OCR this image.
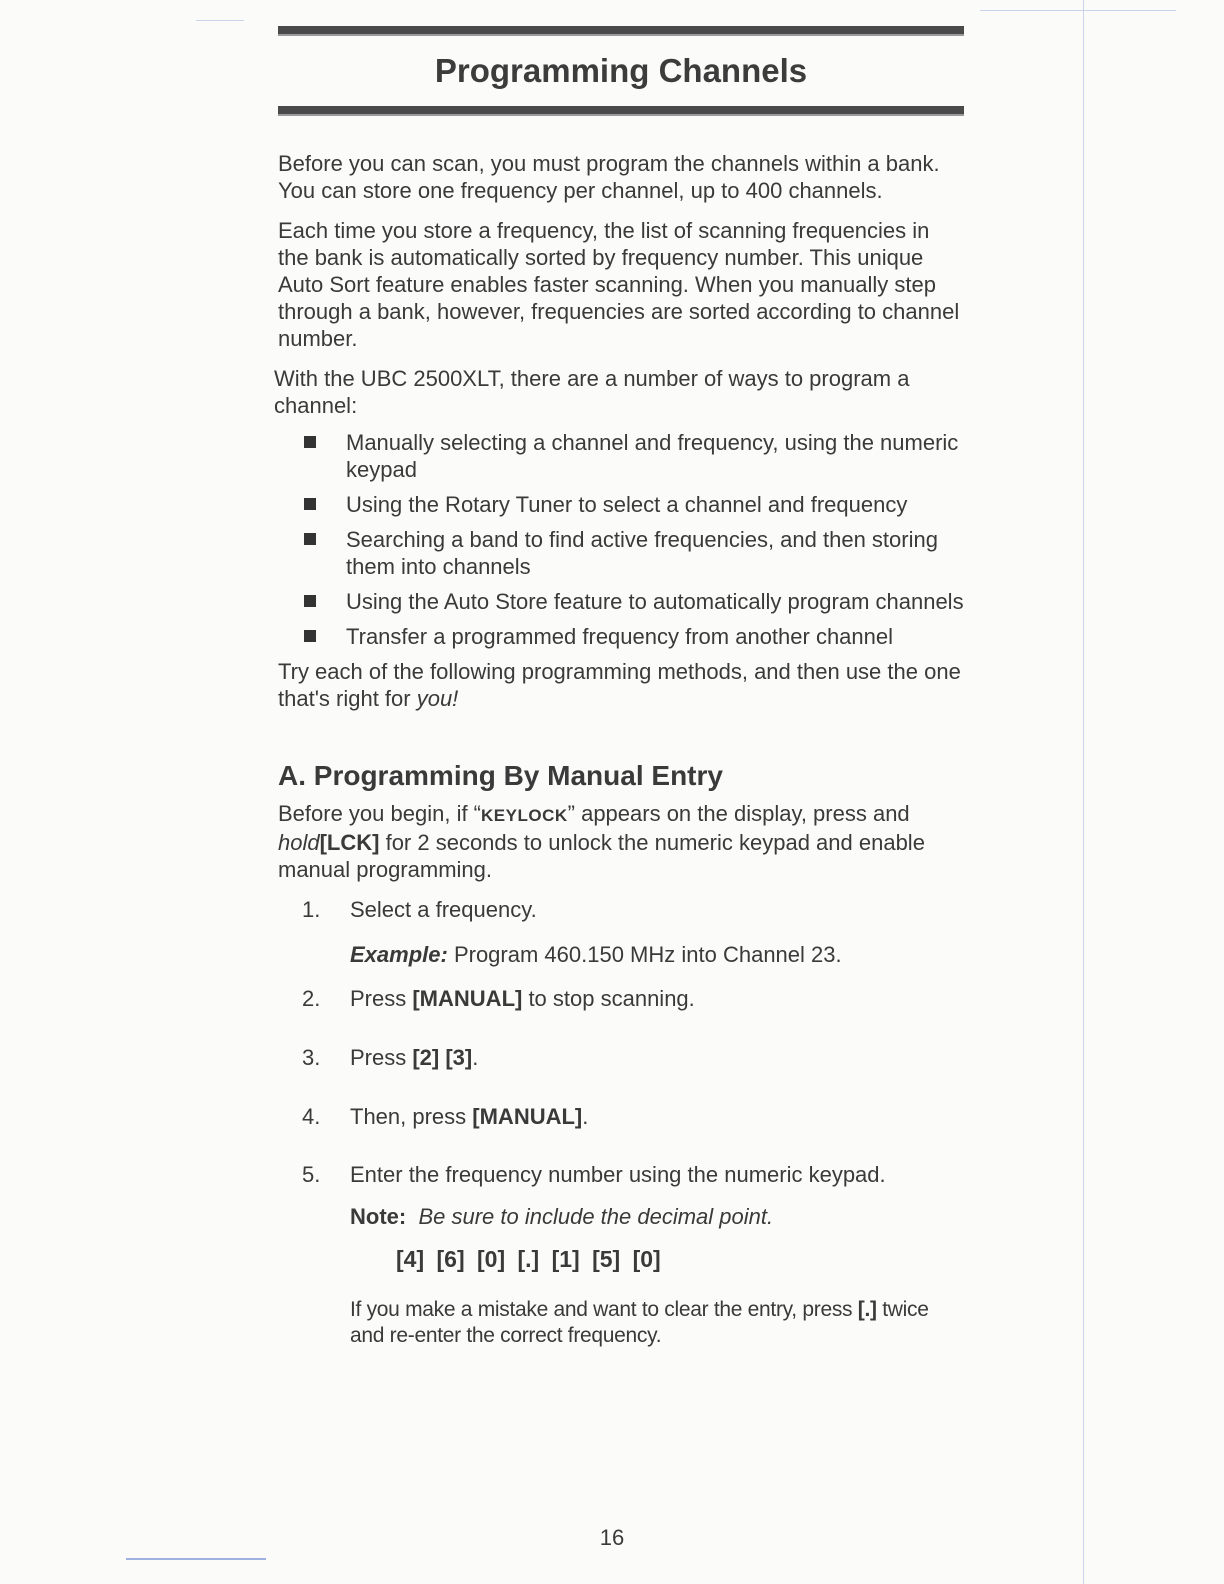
Programming Channels

Before you can scan, you must program the channels within a bank. You can store one frequency per channel, up to 400 channels.

Each time you store a frequency, the list of scanning frequencies in the bank is automatically sorted by frequency number. This unique Auto Sort feature enables faster scanning. When you manually step through a bank, however, frequencies are sorted according to channel number.

With the UBC 2500XLT, there are a number of ways to program a channel:

Manually selecting a channel and frequency, using the numeric keypad
Using the Rotary Tuner to select a channel and frequency
Searching a band to find active frequencies, and then storing them into channels
Using the Auto Store feature to automatically program channels
Transfer a programmed frequency from another channel

Try each of the following programming methods, and then use the one that's right for you!

A. Programming By Manual Entry

Before you begin, if “KEYLOCK” appears on the display, press and hold[LCK] for 2 seconds to unlock the numeric keypad and enable manual programming.

1. Select a frequency.
Example: Program 460.150 MHz into Channel 23.
2. Press [MANUAL] to stop scanning.
3. Press [2] [3].
4. Then, press [MANUAL].
5. Enter the frequency number using the numeric keypad.
Note: Be sure to include the decimal point.
[4] [6] [0] [.] [1] [5] [0]
If you make a mistake and want to clear the entry, press [.] twice and re-enter the correct frequency.
16
